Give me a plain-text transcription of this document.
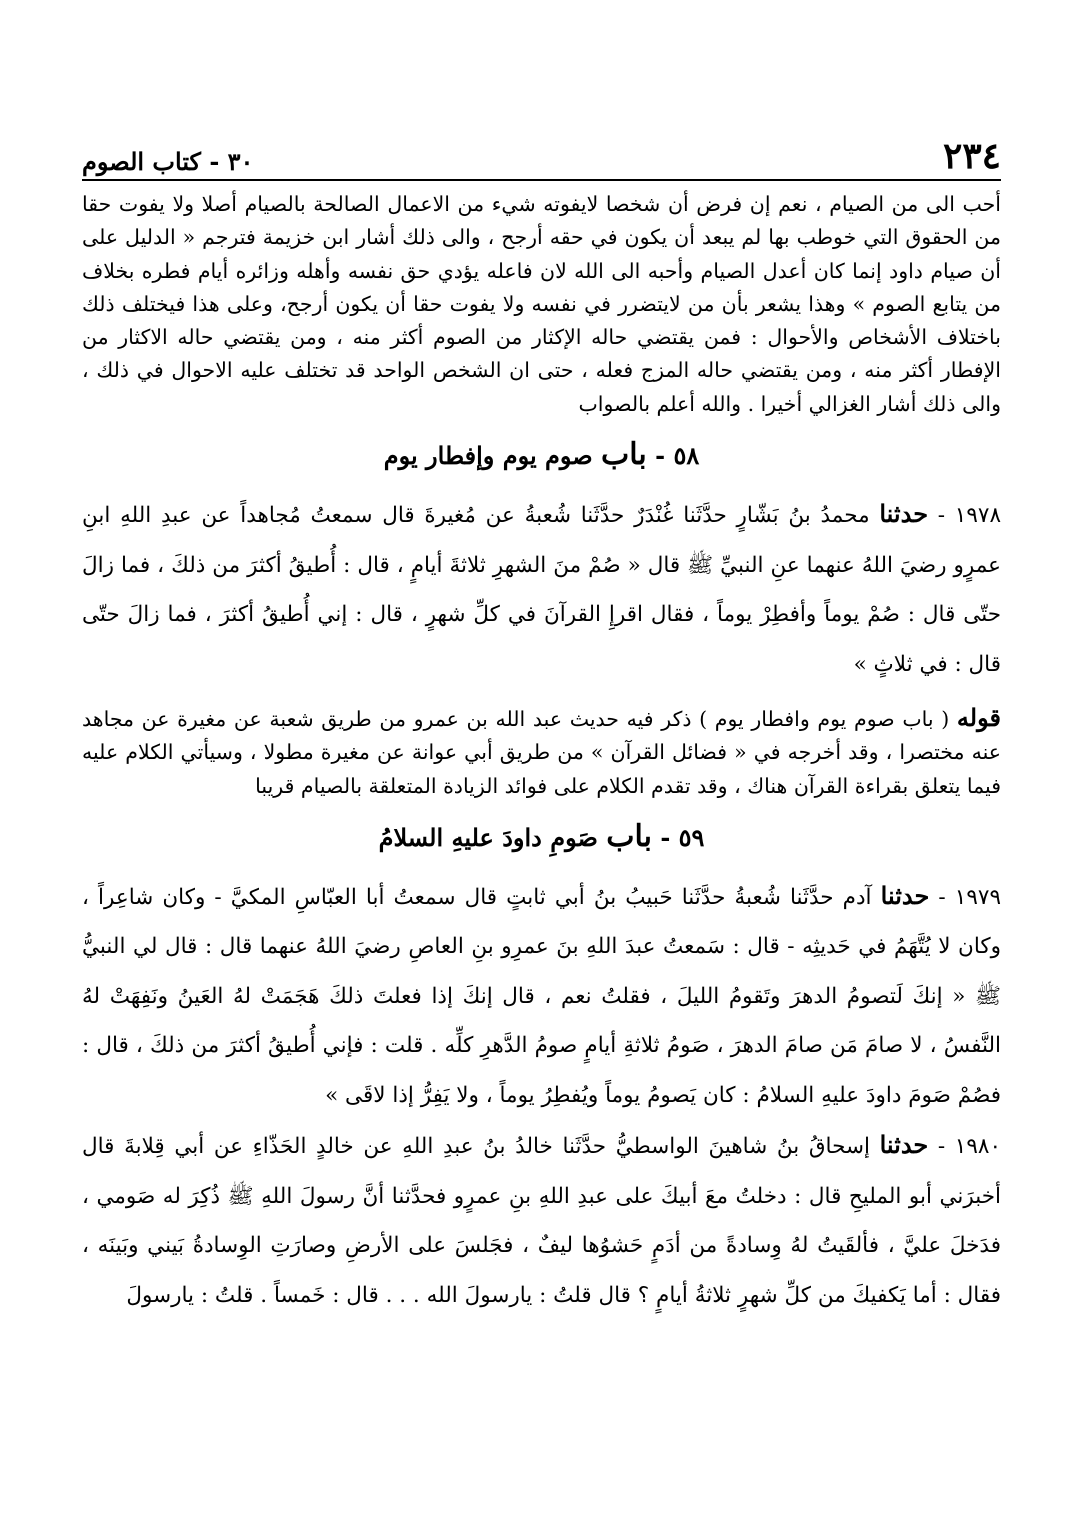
٢٣٤
٣٠ - كتاب الصوم

أحب الى من الصيام ، نعم إن فرض أن شخصا لايفوته شيء من الاعمال الصالحة بالصيام أصلا ولا يفوت حقا من الحقوق التي خوطب بها لم يبعد أن يكون في حقه أرجح ، والى ذلك أشار ابن خزيمة فترجم « الدليل على أن صيام داود إنما كان أعدل الصيام وأحبه الى الله لان فاعله يؤدي حق نفسه وأهله وزائره أيام فطره بخلاف من يتابع الصوم » وهذا يشعر بأن من لايتضرر في نفسه ولا يفوت حقا أن يكون أرجح، وعلى هذا فيختلف ذلك باختلاف الأشخاص والأحوال : فمن يقتضي حاله الإكثار من الصوم أكثر منه ، ومن يقتضي حاله الاكثار من الإفطار أكثر منه ، ومن يقتضي حاله المزج فعله ، حتى ان الشخص الواحد قد تختلف عليه الاحوال في ذلك ، والى ذلك أشار الغزالي أخيرا . والله أعلم بالصواب

٥٨ - باب صوم يوم وإفطار يوم

١٩٧٨ - حدثنا محمدُ بنُ بَشّارٍ حدَّثَنا غُنْدَرٌ حدَّثَنا شُعبةُ عن مُغيرةَ قال سمعتُ مُجاهداً عن عبدِ اللهِ ابنِ عمرٍو رضيَ اللهُ عنهما عنِ النبيِّ ﷺ قال « صُمْ منَ الشهرِ ثلاثةَ أيامٍ ، قال : أُطيقُ أكثرَ من ذلكَ ، فما زالَ حتّى قال : صُمْ يوماً وأفطِرْ يوماً ، فقال اقرإِ القرآنَ في كلِّ شهرٍ ، قال : إني أُطيقُ أكثرَ ، فما زالَ حتّى قال : في ثلاثٍ »

قوله ( باب صوم يوم وافطار يوم ) ذكر فيه حديث عبد الله بن عمرو من طريق شعبة عن مغيرة عن مجاهد عنه مختصرا ، وقد أخرجه في « فضائل القرآن » من طريق أبي عوانة عن مغيرة مطولا ، وسيأتي الكلام عليه فيما يتعلق بقراءة القرآن هناك ، وقد تقدم الكلام على فوائد الزيادة المتعلقة بالصيام قريبا

٥٩ - باب صَومِ داودَ عليهِ السلامُ

١٩٧٩ - حدثنا آدم حدَّثَنا شُعبةُ حدَّثَنا حَبيبُ بنُ أبي ثابتٍ قال سمعتُ أبا العبّاسِ المكيَّ - وكان شاعِراً ، وكان لا يُتَّهَمُ في حَديثِه - قال : سَمعتُ عبدَ اللهِ بنَ عمرِو بنِ العاصِ رضيَ اللهُ عنهما قال : قال لي النبيُّ ﷺ « إنكَ لَتصومُ الدهرَ وتَقومُ الليلَ ، فقلتُ نعم ، قال إنكَ إذا فعلتَ ذلكَ هَجَمَتْ لهُ العَينُ ونَفِهَتْ لهُ النَّفسُ ، لا صامَ مَن صامَ الدهرَ ، صَومُ ثلاثةِ أيامٍ صومُ الدَّهرِ كلِّه . قلت : فإني أُطيقُ أكثرَ من ذلكَ ، قال : فصُمْ صَومَ داودَ عليهِ السلامُ : كان يَصومُ يوماً ويُفطِرُ يوماً ، ولا يَفِرُّ إذا لاقَى »

١٩٨٠ - حدثنا إسحاقُ بنُ شاهينَ الواسطيُّ حدَّثَنا خالدُ بنُ عبدِ اللهِ عن خالدٍ الحَذّاءِ عن أبي قِلابةَ قال أخبرَني أبو المليحِ قال : دخلتُ معَ أبيكَ على عبدِ اللهِ بنِ عمرٍو فحدَّثنا أنَّ رسولَ اللهِ ﷺ ذُكِرَ له صَومي ، فدَخلَ عليَّ ، فألقَيتُ لهُ وِسادةً من أدَمٍ حَشوُها ليفٌ ، فجَلسَ على الأرضِ وصارَتِ الوِسادةُ بَيني وبَينَه ، فقال : أما يَكفيكَ من كلِّ شهرٍ ثلاثةُ أيامٍ ؟ قال قلتُ : يارسولَ الله . . . قال : خَمساً . قلتُ : يارسولَ
